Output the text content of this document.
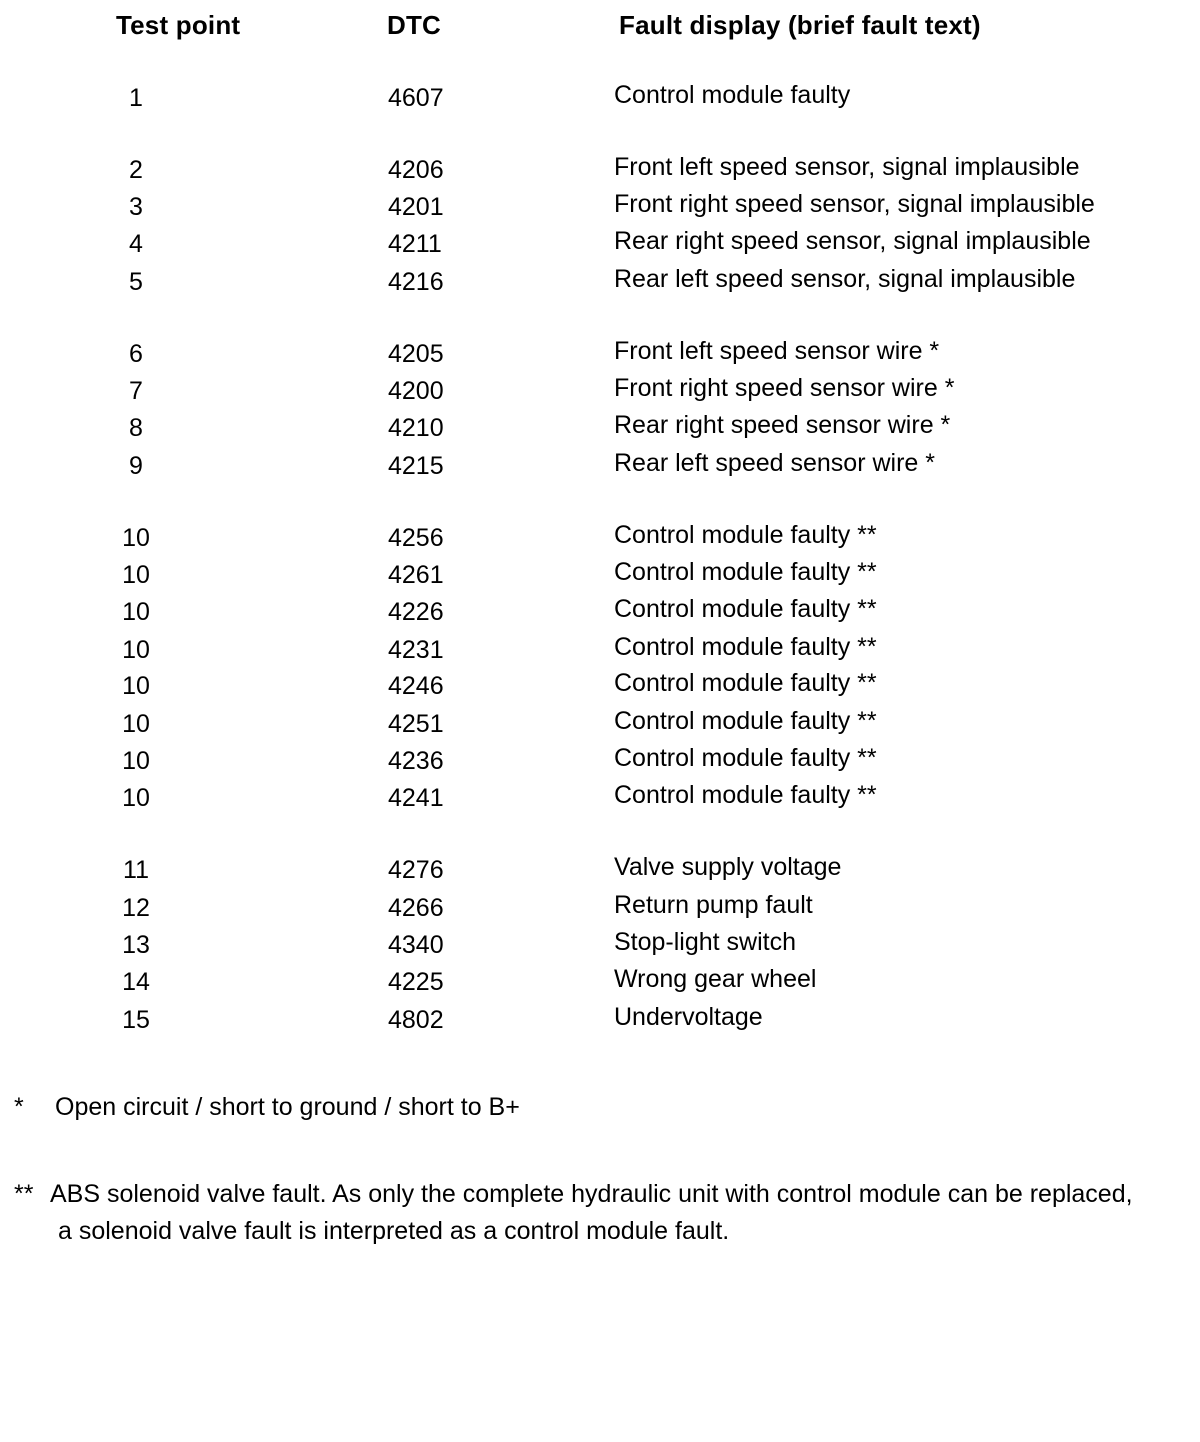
Test point	DTC	Fault display (brief fault text)
1	4607	Control module faulty
2	4206	Front left speed sensor, signal implausible
3	4201	Front right speed sensor, signal implausible
4	4211	Rear right speed sensor, signal implausible
5	4216	Rear left speed sensor, signal implausible
6	4205	Front left speed sensor wire *
7	4200	Front right speed sensor wire *
8	4210	Rear right speed sensor wire *
9	4215	Rear left speed sensor wire *
10	4256	Control module faulty **
10	4261	Control module faulty **
10	4226	Control module faulty **
10	4231	Control module faulty **
10	4246	Control module faulty **
10	4251	Control module faulty **
10	4236	Control module faulty **
10	4241	Control module faulty **
11	4276	Valve supply voltage
12	4266	Return pump fault
13	4340	Stop-light switch
14	4225	Wrong gear wheel
15	4802	Undervoltage
* Open circuit / short to ground / short to B+
** ABS solenoid valve fault. As only the complete hydraulic unit with control module can be replaced,
a solenoid valve fault is interpreted as a control module fault.
